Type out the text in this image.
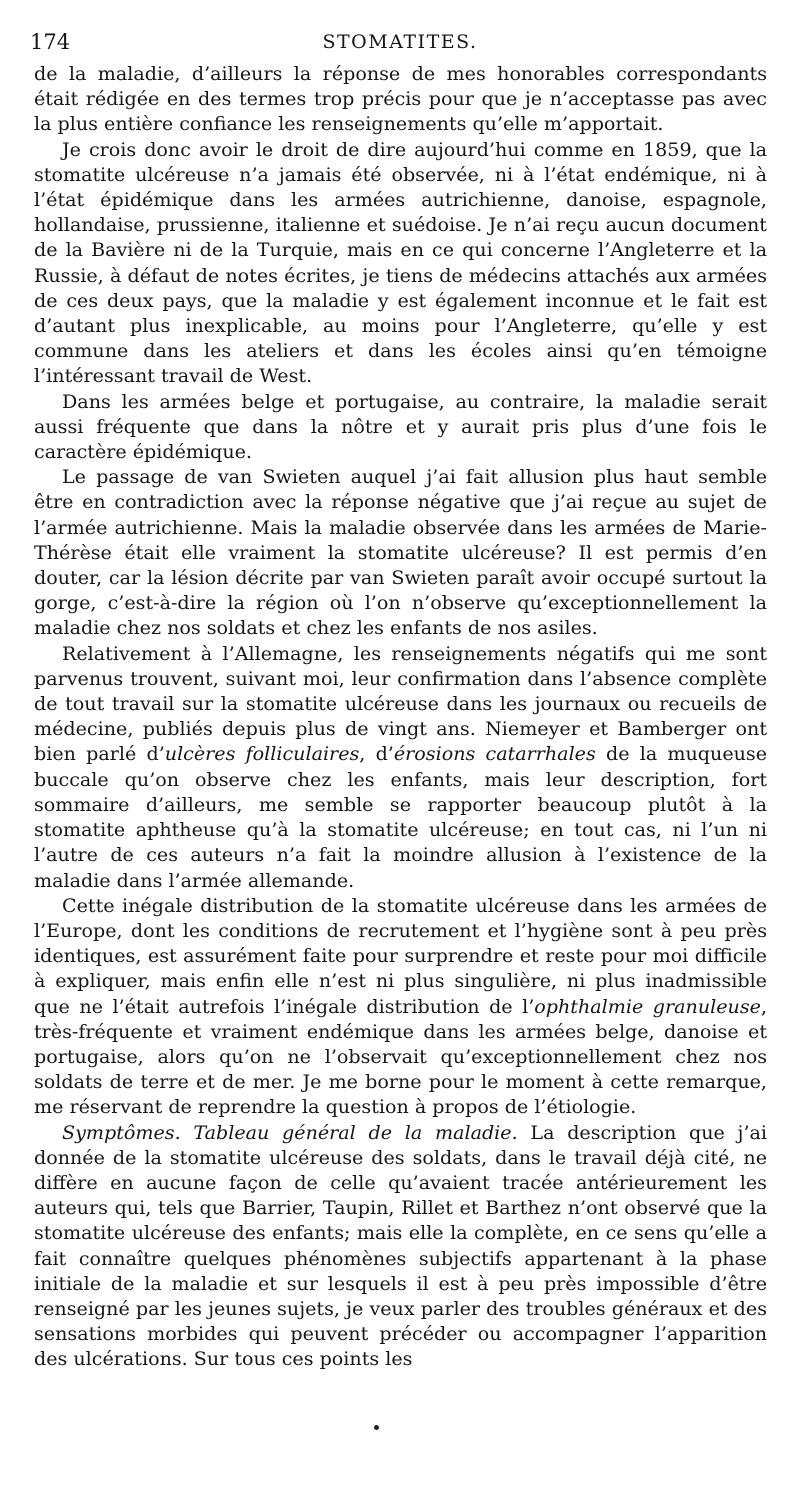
174	STOMATITES.

de la maladie, d’ailleurs la réponse de mes honorables correspondants était rédigée en des termes trop précis pour que je n’acceptasse pas avec la plus entière confiance les renseignements qu’elle m’apportait.

Je crois donc avoir le droit de dire aujourd’hui comme en 1859, que la stomatite ulcéreuse n’a jamais été observée, ni à l’état endémique, ni à l’état épidémique dans les armées autrichienne, danoise, espagnole, hollandaise, prussienne, italienne et suédoise. Je n’ai reçu aucun document de la Bavière ni de la Turquie, mais en ce qui concerne l’Angleterre et la Russie, à défaut de notes écrites, je tiens de médecins attachés aux armées de ces deux pays, que la maladie y est également inconnue et le fait est d’autant plus inexplicable, au moins pour l’Angleterre, qu’elle y est commune dans les ateliers et dans les écoles ainsi qu’en témoigne l’intéressant travail de West.

Dans les armées belge et portugaise, au contraire, la maladie serait aussi fréquente que dans la nôtre et y aurait pris plus d’une fois le caractère épidémique.

Le passage de van Swieten auquel j’ai fait allusion plus haut semble être en contradiction avec la réponse négative que j’ai reçue au sujet de l’armée autrichienne. Mais la maladie observée dans les armées de Marie-Thérèse était elle vraiment la stomatite ulcéreuse? Il est permis d’en douter, car la lésion décrite par van Swieten paraît avoir occupé surtout la gorge, c’est-à-dire la région où l’on n’observe qu’exceptionnellement la maladie chez nos soldats et chez les enfants de nos asiles.

Relativement à l’Allemagne, les renseignements négatifs qui me sont parvenus trouvent, suivant moi, leur confirmation dans l’absence complète de tout travail sur la stomatite ulcéreuse dans les journaux ou recueils de médecine, publiés depuis plus de vingt ans. Niemeyer et Bamberger ont bien parlé d’ulcères folliculaires, d’érosions catarrhales de la muqueuse buccale qu’on observe chez les enfants, mais leur description, fort sommaire d’ailleurs, me semble se rapporter beaucoup plutôt à la stomatite aphtheuse qu’à la stomatite ulcéreuse; en tout cas, ni l’un ni l’autre de ces auteurs n’a fait la moindre allusion à l’existence de la maladie dans l’armée allemande.

Cette inégale distribution de la stomatite ulcéreuse dans les armées de l’Europe, dont les conditions de recrutement et l’hygiène sont à peu près identiques, est assurément faite pour surprendre et reste pour moi difficile à expliquer, mais enfin elle n’est ni plus singulière, ni plus inadmissible que ne l’était autrefois l’inégale distribution de l’ophthalmie granuleuse, très-fréquente et vraiment endémique dans les armées belge, danoise et portugaise, alors qu’on ne l’observait qu’exceptionnellement chez nos soldats de terre et de mer. Je me borne pour le moment à cette remarque, me réservant de reprendre la question à propos de l’étiologie.

Symptômes. Tableau général de la maladie. La description que j’ai donnée de la stomatite ulcéreuse des soldats, dans le travail déjà cité, ne diffère en aucune façon de celle qu’avaient tracée antérieurement les auteurs qui, tels que Barrier, Taupin, Rillet et Barthez n’ont observé que la stomatite ulcéreuse des enfants; mais elle la complète, en ce sens qu’elle a fait connaître quelques phénomènes subjectifs appartenant à la phase initiale de la maladie et sur lesquels il est à peu près impossible d’être renseigné par les jeunes sujets, je veux parler des troubles généraux et des sensations morbides qui peuvent précéder ou accompagner l’apparition des ulcérations. Sur tous ces points les
